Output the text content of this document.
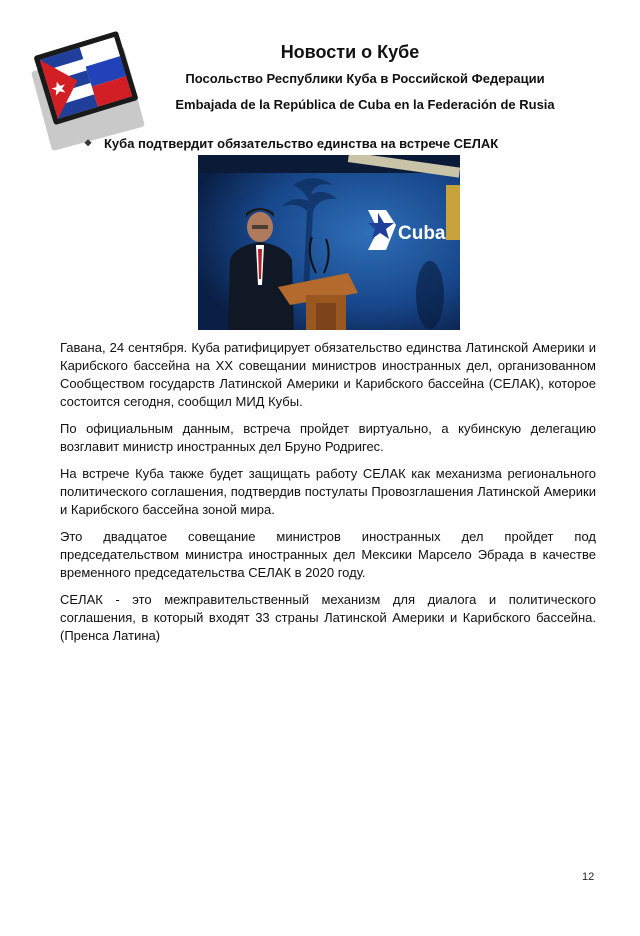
Новости о Кубе
Посольство Республики Куба в Российской Федерации
Embajada de la República de Cuba en la Federación de Rusia
❖ Куба подтвердит обязательство единства на встрече СЕЛАК
Cuba

Гавана, 24 сентября. Куба ратифицирует обязательство единства Латинской Америки и Карибского бассейна на XX совещании министров иностранных дел, организованном Сообществом государств Латинской Америки и Карибского бассейна (СЕЛАК), которое состоится сегодня, сообщил МИД Кубы.

По официальным данным, встреча пройдет виртуально, а кубинскую делегацию возглавит министр иностранных дел Бруно Родригес.

На встрече Куба также будет защищать работу СЕЛАК как механизма регионального политического соглашения, подтвердив постулаты Провозглашения Латинской Америки и Карибского бассейна зоной мира.

Это двадцатое совещание министров иностранных дел пройдет под председательством министра иностранных дел Мексики Марсело Эбрада в качестве временного председательства СЕЛАК в 2020 году.

СЕЛАК - это межправительственный механизм для диалога и политического соглашения, в который входят 33 страны Латинской Америки и Карибского бассейна. (Пренса Латина)

12
